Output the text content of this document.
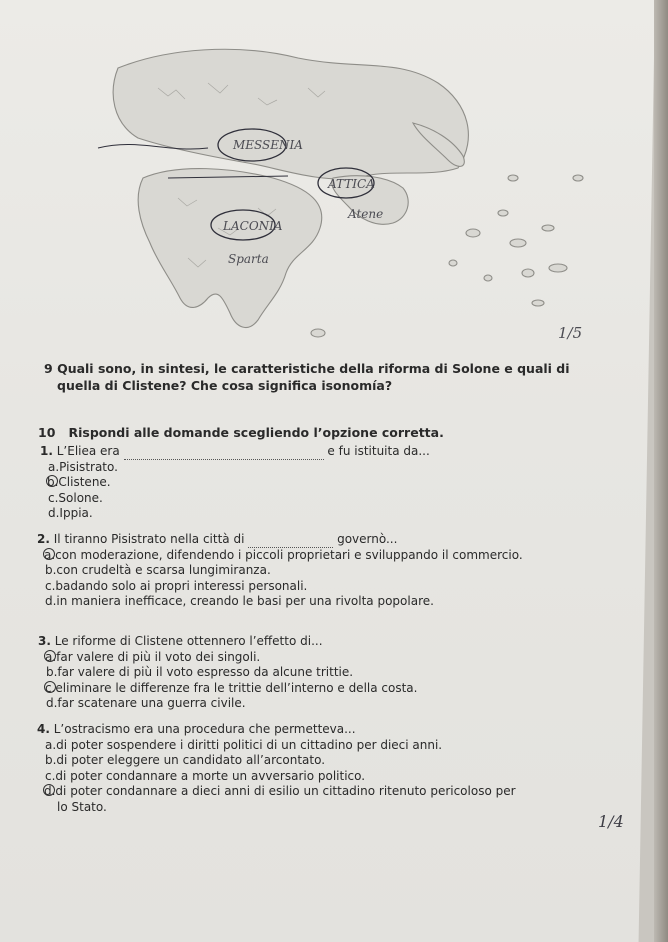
MESSENIA
ATTICA
Atene
LACONIA
Sparta
1/5
9 Quali sono, in sintesi, le caratteristiche della riforma di Solone e quali di
quella di Clistene? Che cosa significa isonomía?
10 Rispondi alle domande scegliendo l’opzione corretta.
1. L’Eliea era	e fu istituita da...
a.Pisistrato.
b.Clistene.
c.Solone.
d.Ippia.
2. Il tiranno Pisistrato nella città di	governò...
a.con moderazione, difendendo i piccoli proprietari e sviluppando il commercio.
b.con crudeltà e scarsa lungimiranza.
c.badando solo ai propri interessi personali.
d.in maniera inefficace, creando le basi per una rivolta popolare.
3. Le riforme di Clistene ottennero l’effetto di...
a.far valere di più il voto dei singoli.
b.far valere di più il voto espresso da alcune trittie.
c.eliminare le differenze fra le trittie dell’interno e della costa.
d.far scatenare una guerra civile.
4. L’ostracismo era una procedura che permetteva...
a.di poter sospendere i diritti politici di un cittadino per dieci anni.
b.di poter eleggere un candidato all’arcontato.
c.di poter condannare a morte un avversario politico.
d.di poter condannare a dieci anni di esilio un cittadino ritenuto pericoloso per
lo Stato.
1/4
